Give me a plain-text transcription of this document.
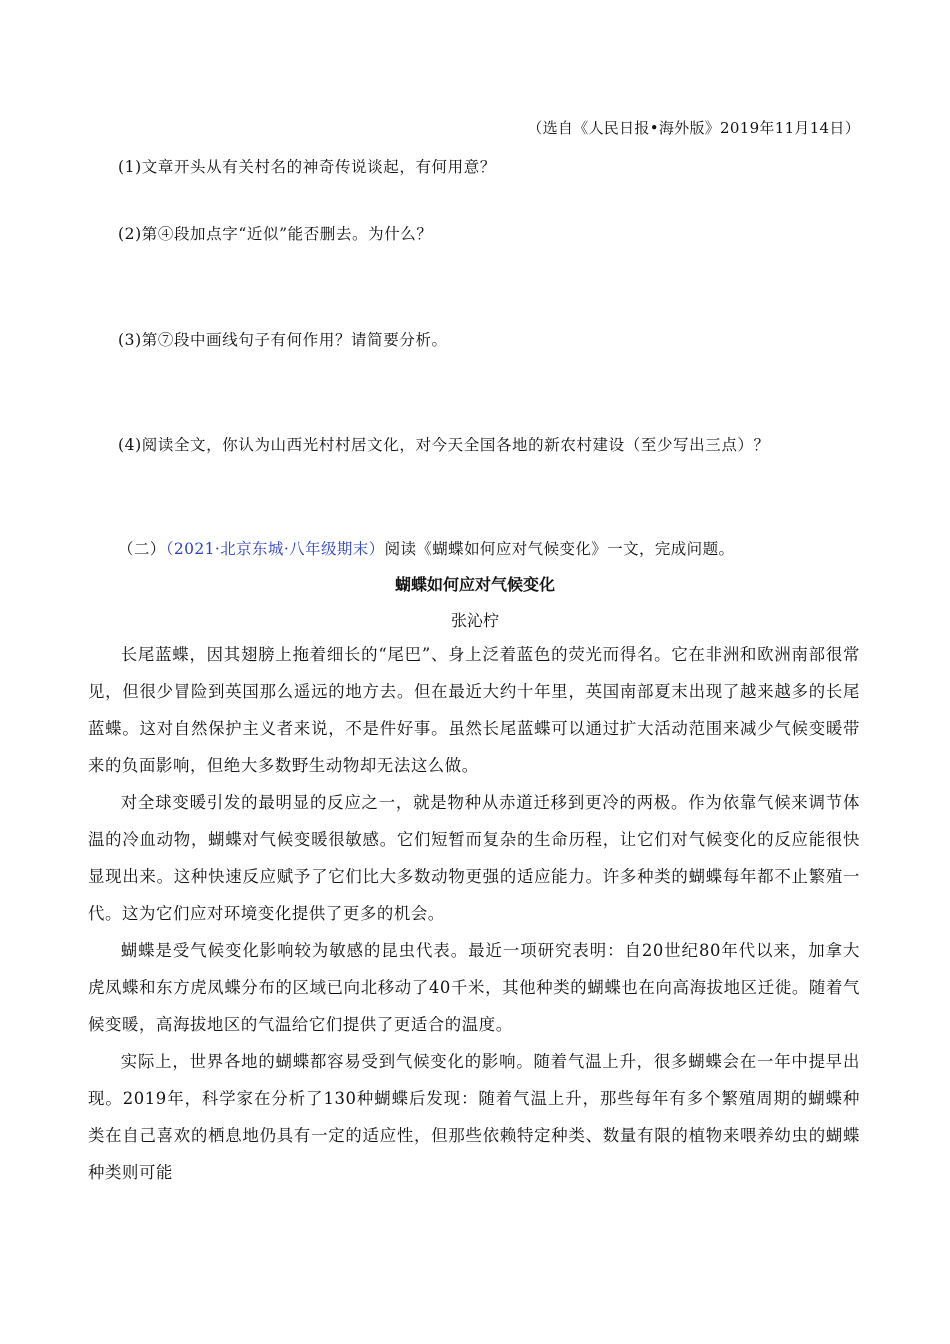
（选自《人民日报•海外版》2019年11月14日）
(1)文章开头从有关村名的神奇传说谈起，有何用意？
(2)第④段加点字“近似”能否删去。为什么？
(3)第⑦段中画线句子有何作用？请简要分析。
(4)阅读全文，你认为山西光村村居文化，对今天全国各地的新农村建设（至少写出三点）？
（二）（2021·北京东城·八年级期末）阅读《蝴蝶如何应对气候变化》一文，完成问题。
蝴蝶如何应对气候变化
张沁柠

长尾蓝蝶，因其翅膀上拖着细长的“尾巴”、身上泛着蓝色的荧光而得名。它在非洲和欧洲南部很常见，但很少冒险到英国那么遥远的地方去。但在最近大约十年里，英国南部夏末出现了越来越多的长尾蓝蝶。这对自然保护主义者来说，不是件好事。虽然长尾蓝蝶可以通过扩大活动范围来减少气候变暖带来的负面影响，但绝大多数野生动物却无法这么做。

对全球变暖引发的最明显的反应之一，就是物种从赤道迁移到更冷的两极。作为依靠气候来调节体温的冷血动物，蝴蝶对气候变暖很敏感。它们短暂而复杂的生命历程，让它们对气候变化的反应能很快显现出来。这种快速反应赋予了它们比大多数动物更强的适应能力。许多种类的蝴蝶每年都不止繁殖一代。这为它们应对环境变化提供了更多的机会。

蝴蝶是受气候变化影响较为敏感的昆虫代表。最近一项研究表明：自20世纪80年代以来，加拿大虎凤蝶和东方虎凤蝶分布的区域已向北移动了40千米，其他种类的蝴蝶也在向高海拔地区迁徙。随着气候变暖，高海拔地区的气温给它们提供了更适合的温度。

实际上，世界各地的蝴蝶都容易受到气候变化的影响。随着气温上升，很多蝴蝶会在一年中提早出现。2019年，科学家在分析了130种蝴蝶后发现：随着气温上升，那些每年有多个繁殖周期的蝴蝶种类在自己喜欢的栖息地仍具有一定的适应性，但那些依赖特定种类、数量有限的植物来喂养幼虫的蝴蝶种类则可能
